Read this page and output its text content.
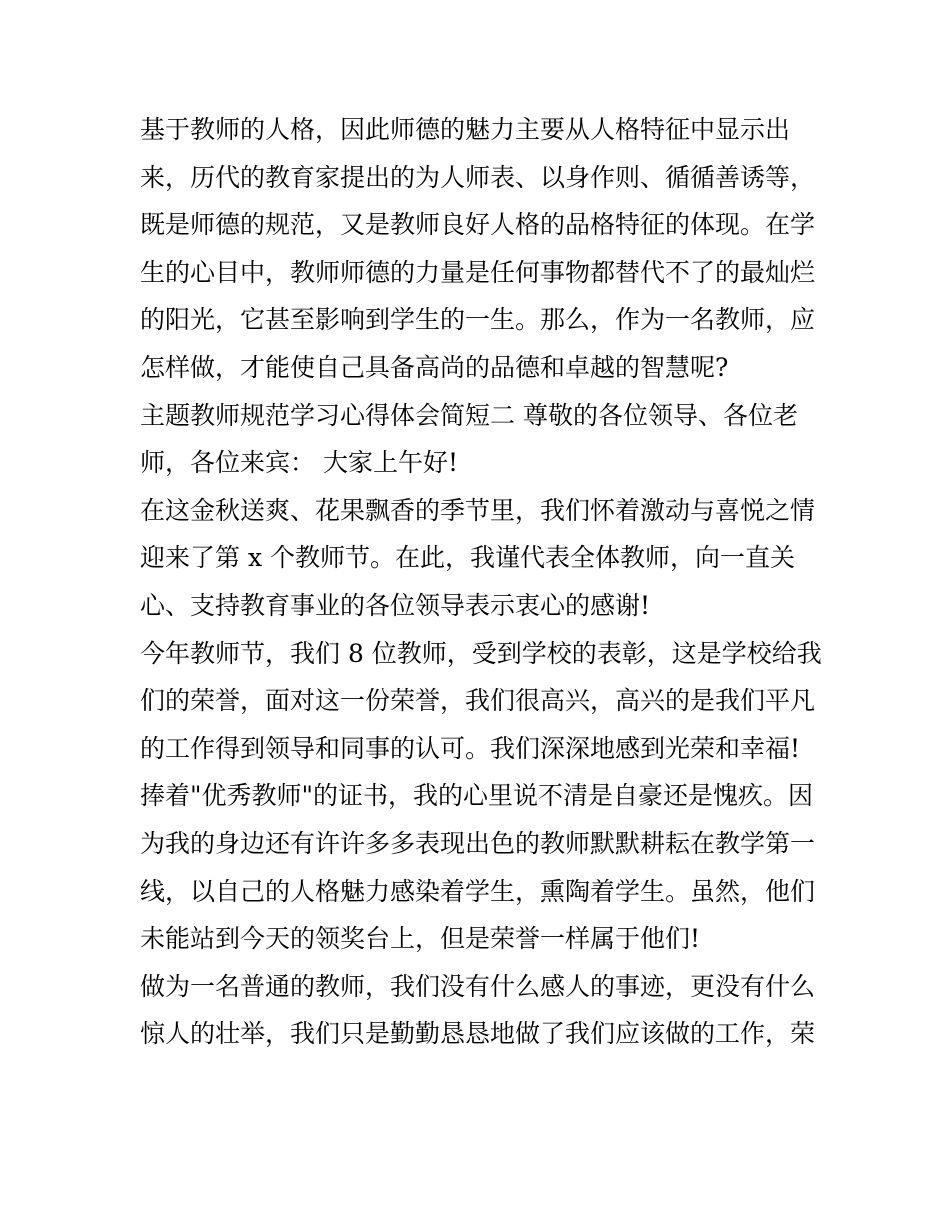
基于教师的人格，因此师德的魅力主要从人格特征中显示出
来，历代的教育家提出的为人师表、以身作则、循循善诱等，
既是师德的规范，又是教师良好人格的品格特征的体现。在学
生的心目中，教师师德的力量是任何事物都替代不了的最灿烂
的阳光，它甚至影响到学生的一生。那么，作为一名教师，应
怎样做，才能使自己具备高尚的品德和卓越的智慧呢?
主题教师规范学习心得体会简短二 尊敬的各位领导、各位老
师，各位来宾： 大家上午好!
在这金秋送爽、花果飘香的季节里，我们怀着激动与喜悦之情
迎来了第 x 个教师节。在此，我谨代表全体教师，向一直关
心、支持教育事业的各位领导表示衷心的感谢!
今年教师节，我们 8 位教师，受到学校的表彰，这是学校给我
们的荣誉，面对这一份荣誉，我们很高兴，高兴的是我们平凡
的工作得到领导和同事的认可。我们深深地感到光荣和幸福!
捧着"优秀教师"的证书，我的心里说不清是自豪还是愧疚。因
为我的身边还有许许多多表现出色的教师默默耕耘在教学第一
线，以自己的人格魅力感染着学生，熏陶着学生。虽然，他们
未能站到今天的领奖台上，但是荣誉一样属于他们!
做为一名普通的教师，我们没有什么感人的事迹，更没有什么
惊人的壮举，我们只是勤勤恳恳地做了我们应该做的工作，荣
